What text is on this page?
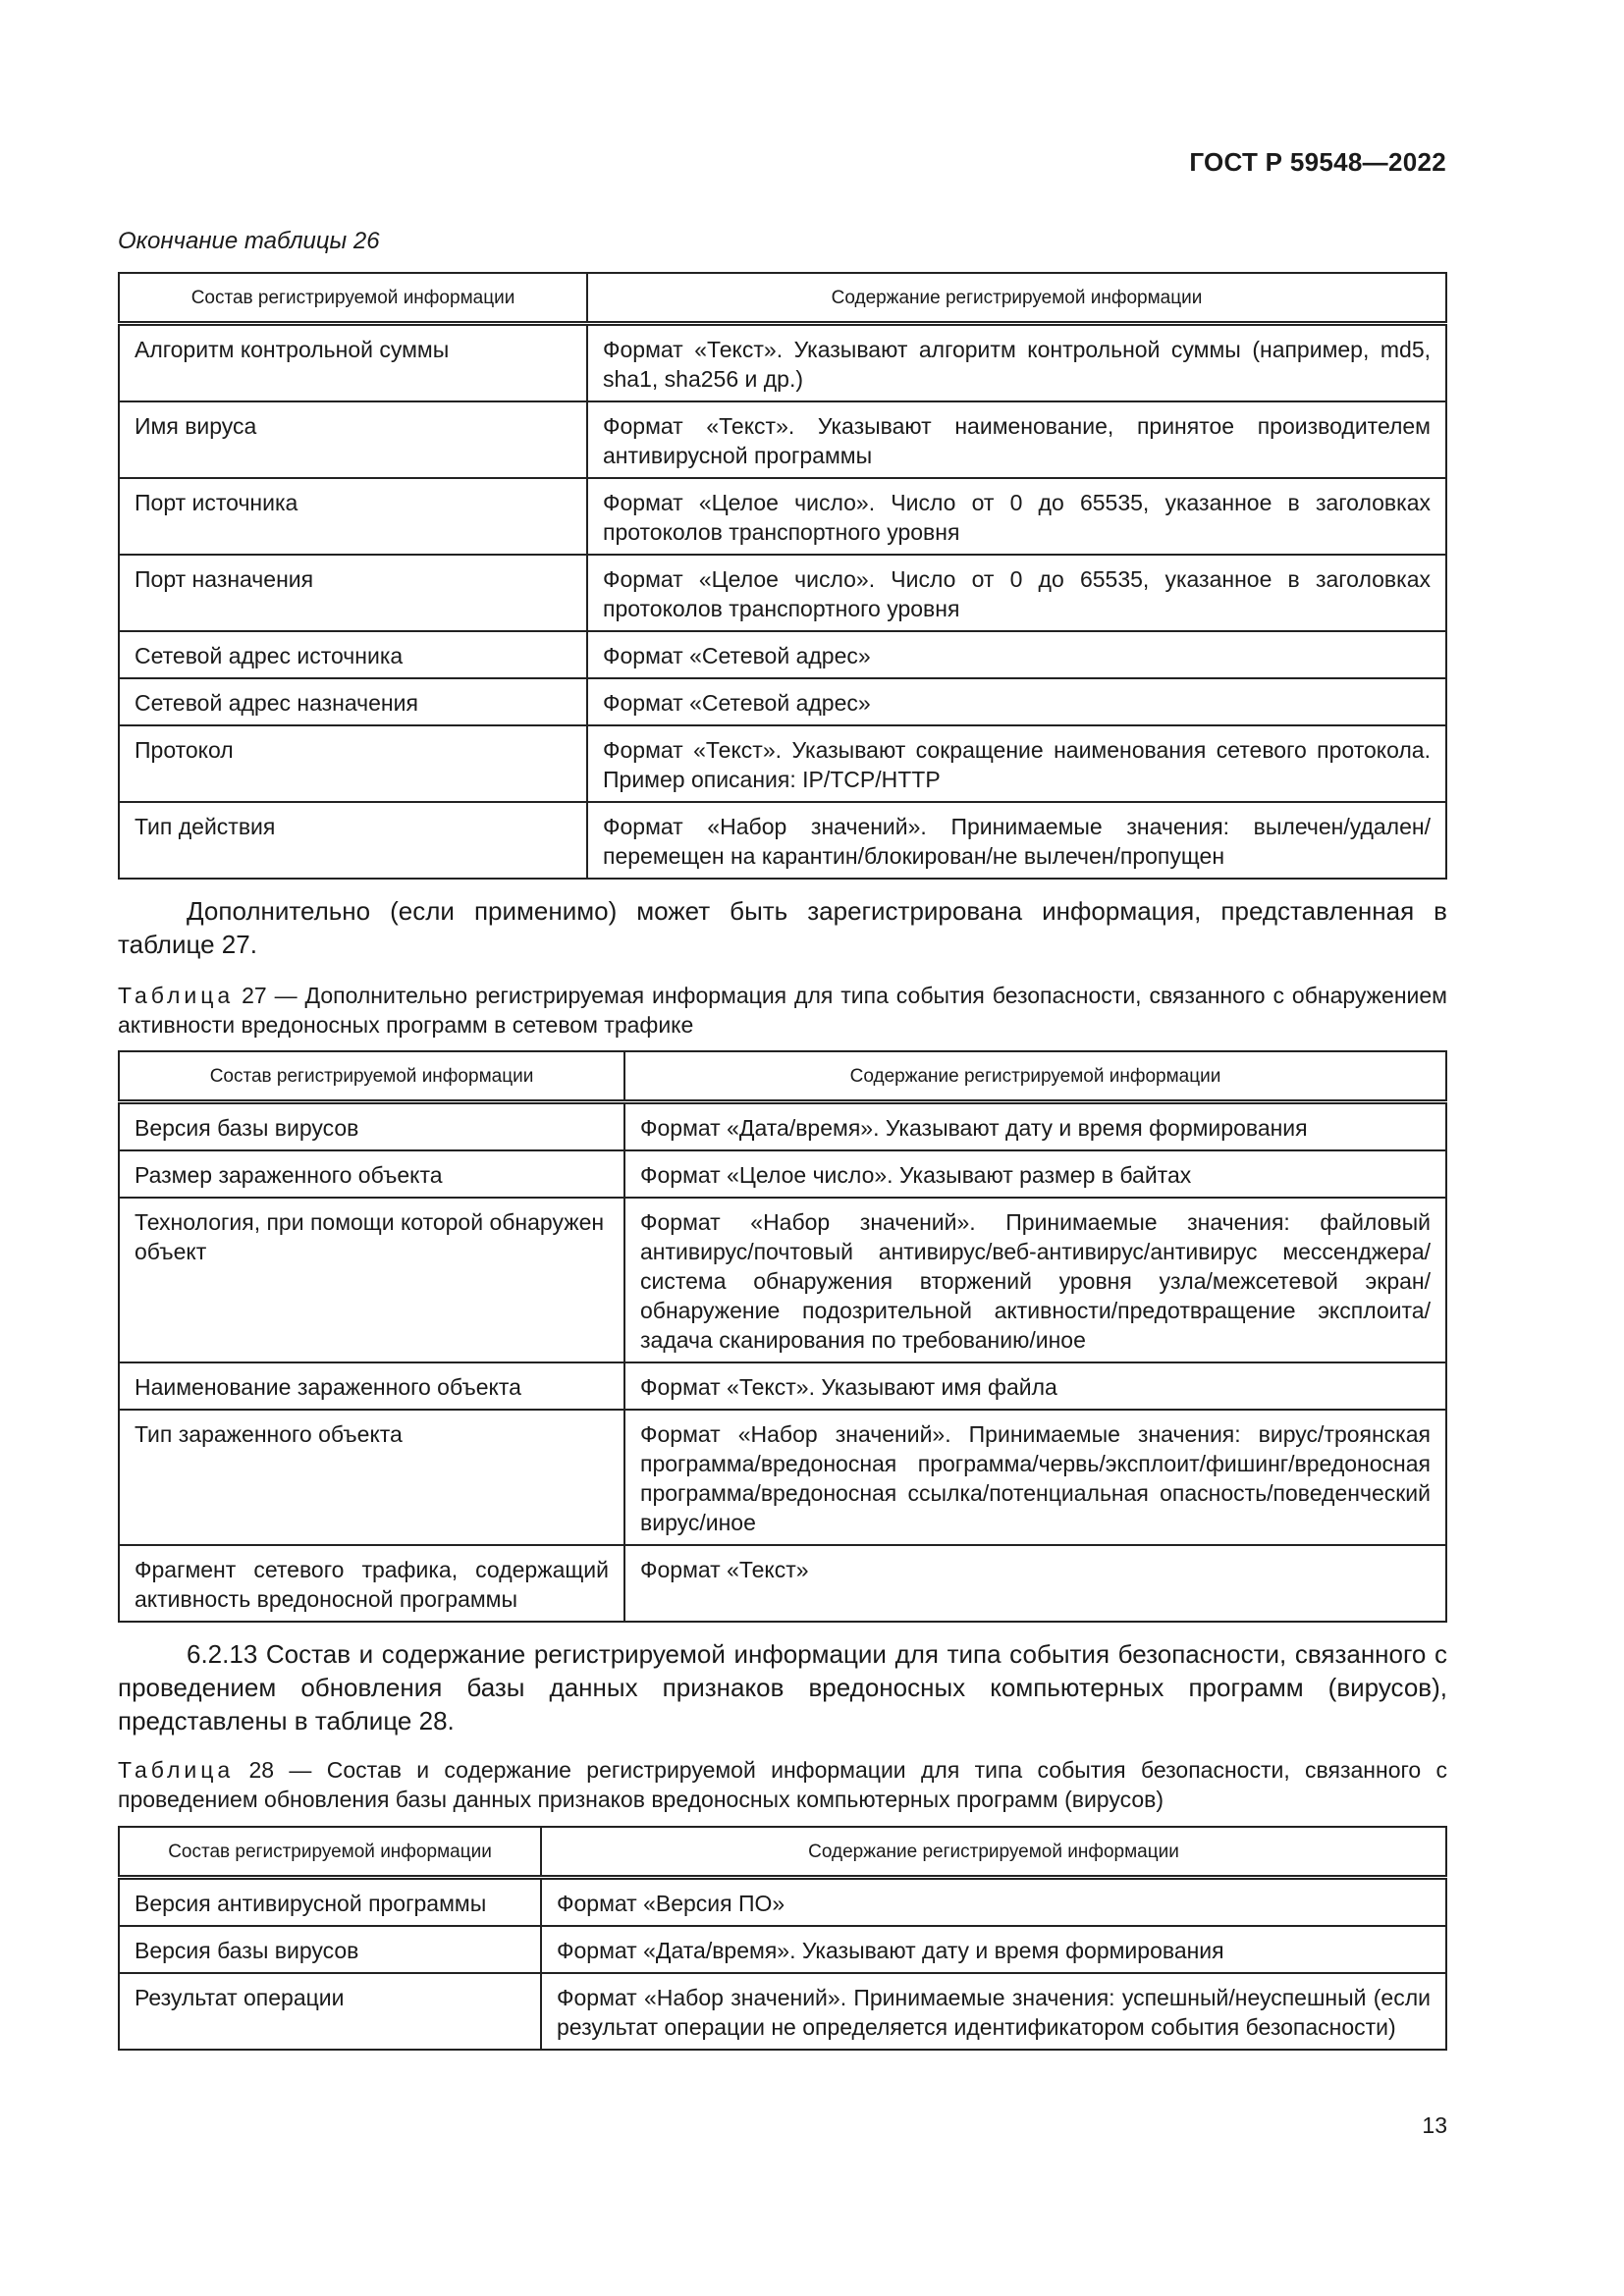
ГОСТ Р 59548—2022
Окончание таблицы 26
Состав регистрируемой информации	Содержание регистрируемой информации
Алгоритм контрольной суммы	Формат «Текст». Указывают алгоритм контрольной суммы (например, md5, sha1, sha256 и др.)
Имя вируса	Формат «Текст». Указывают наименование, принятое производителем антивирусной программы
Порт источника	Формат «Целое число». Число от 0 до 65535, указанное в заголовках протоколов транспортного уровня
Порт назначения	Формат «Целое число». Число от 0 до 65535, указанное в заголовках протоколов транспортного уровня
Сетевой адрес источника	Формат «Сетевой адрес»
Сетевой адрес назначения	Формат «Сетевой адрес»
Протокол	Формат «Текст». Указывают сокращение наименования сетевого протокола. Пример описания: IP/TCP/HTTP
Тип действия	Формат «Набор значений». Принимаемые значения: вылечен/удален/перемещен на карантин/блокирован/не вылечен/пропущен
Дополнительно (если применимо) может быть зарегистрирована информация, представленная в таблице 27.
Таблица 27 — Дополнительно регистрируемая информация для типа события безопасности, связанного с обнаружением активности вредоносных программ в сетевом трафике
Состав регистрируемой информации	Содержание регистрируемой информации
Версия базы вирусов	Формат «Дата/время». Указывают дату и время формирования
Размер зараженного объекта	Формат «Целое число». Указывают размер в байтах
Технология, при помощи которой обнаружен объект	Формат «Набор значений». Принимаемые значения: файловый антивирус/почтовый антивирус/веб-антивирус/антивирус мессенджера/система обнаружения вторжений уровня узла/межсетевой экран/обнаружение подозрительной активности/предотвращение эксплоита/задача сканирования по требованию/иное
Наименование зараженного объекта	Формат «Текст». Указывают имя файла
Тип зараженного объекта	Формат «Набор значений». Принимаемые значения: вирус/троянская программа/вредоносная программа/червь/эксплоит/фишинг/вредоносная программа/вредоносная ссылка/потенциальная опасность/поведенческий вирус/иное
Фрагмент сетевого трафика, содержащий активность вредоносной программы	Формат «Текст»
6.2.13 Состав и содержание регистрируемой информации для типа события безопасности, связанного с проведением обновления базы данных признаков вредоносных компьютерных программ (вирусов), представлены в таблице 28.
Таблица 28 — Состав и содержание регистрируемой информации для типа события безопасности, связанного с проведением обновления базы данных признаков вредоносных компьютерных программ (вирусов)
Состав регистрируемой информации	Содержание регистрируемой информации
Версия антивирусной программы	Формат «Версия ПО»
Версия базы вирусов	Формат «Дата/время». Указывают дату и время формирования
Результат операции	Формат «Набор значений». Принимаемые значения: успешный/неуспешный (если результат операции не определяется идентификатором события безопасности)
13
